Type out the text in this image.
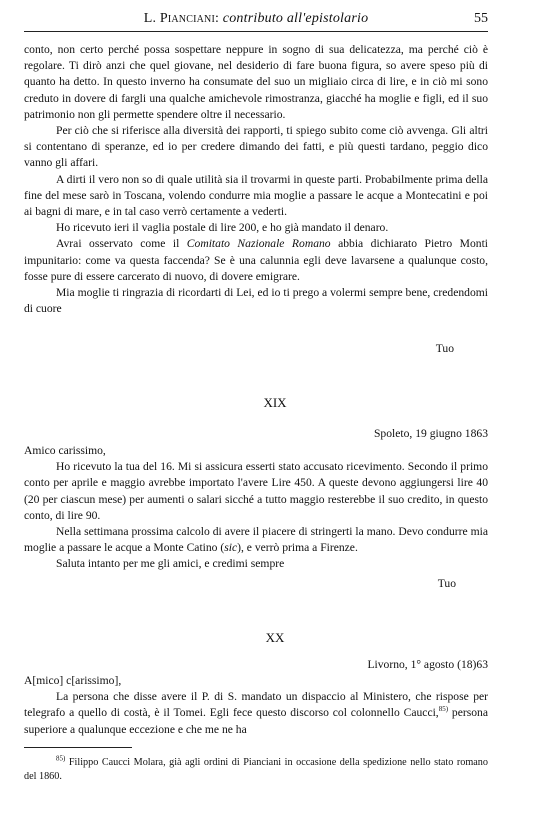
L. Pianciani: contributo all'epistolario	55

conto, non certo perché possa sospettare neppure in sogno di sua delicatezza, ma perché ciò è regolare. Ti dirò anzi che quel giovane, nel desiderio di fare buona figura, so avere speso più di quanto ha detto. In questo inverno ha consumate del suo un migliaio circa di lire, e in ciò mi sono creduto in dovere di fargli una qualche amichevole rimostranza, giacché ha moglie e figli, ed il suo patrimonio non gli permette spendere oltre il necessario.

Per ciò che si riferisce alla diversità dei rapporti, ti spiego subito come ciò avvenga. Gli altri si contentano di speranze, ed io per credere dimando dei fatti, e più questi tardano, peggio dico vanno gli affari.

A dirti il vero non so di quale utilità sia il trovarmi in queste parti. Probabilmente prima della fine del mese sarò in Toscana, volendo condurre mia moglie a passare le acque a Montecatini e poi ai bagni di mare, e in tal caso verrò certamente a vederti.

Ho ricevuto ieri il vaglia postale di lire 200, e ho già mandato il denaro.

Avrai osservato come il Comitato Nazionale Romano abbia dichiarato Pietro Monti impunitario: come va questa faccenda? Se è una calunnia egli deve lavarsene a qualunque costo, fosse pure di essere carcerato di nuovo, di dovere emigrare.

Mia moglie ti ringrazia di ricordarti di Lei, ed io ti prego a volermi sempre bene, credendomi di cuore

Tuo
XIX
Spoleto, 19 giugno 1863

Amico carissimo,

Ho ricevuto la tua del 16. Mi si assicura esserti stato accusato ricevimento. Secondo il primo conto per aprile e maggio avrebbe importato l'avere Lire 450. A queste devono aggiungersi lire 40 (20 per ciascun mese) per aumenti o salari sicché a tutto maggio resterebbe il suo credito, in questo conto, di lire 90.

Nella settimana prossima calcolo di avere il piacere di stringerti la mano. Devo condurre mia moglie a passare le acque a Monte Catino (sic), e verrò prima a Firenze.

Saluta intanto per me gli amici, e credimi sempre

Tuo
XX
Livorno, 1° agosto (18)63

A[mico] c[arissimo],

La persona che disse avere il P. di S. mandato un dispaccio al Ministero, che rispose per telegrafo a quello di costà, è il Tomei. Egli fece questo discorso col colonnello Caucci,$^{85)}$ persona superiore a qualunque eccezione e che me ne ha

$^{85)}$ Filippo Caucci Molara, già agli ordini di Pianciani in occasione della spedizione nello stato romano del 1860.
